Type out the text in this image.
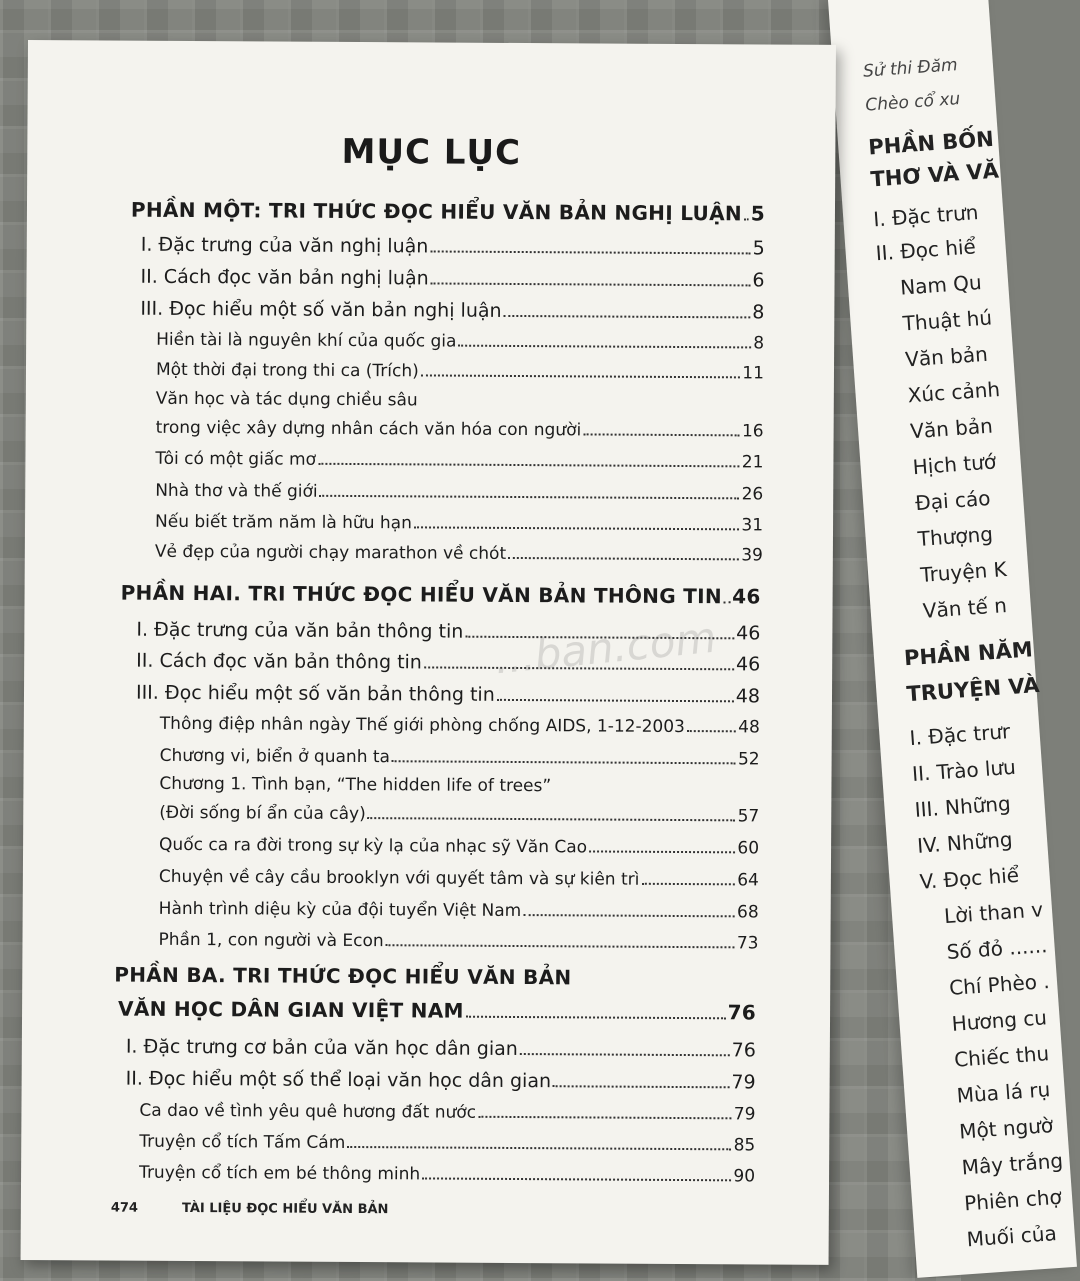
Sử thi Đăm
Chèo cổ xu
PHẦN BỐN
THƠ VÀ VĂ
I. Đặc trưn
II. Đọc hiể
Nam Qu
Thuật hú
Văn bản
Xúc cảnh
Văn bản
Hịch tướ
Đại cáo
Thượng
Truyện K
Văn tế n
PHẦN NĂM
TRUYỆN VÀ
I. Đặc trưr
II. Trào lưu
III. Những
IV. Những
V. Đọc hiể
Lời than v
Số đỏ ......
Chí Phèo .
Hương cu
Chiếc thu
Mùa lá rụ
Một ngườ
Mây trắng
Phiên chợ
Muối của
MỤC LỤC
PHẦN MỘT: TRI THỨC ĐỌC HIỂU VĂN BẢN NGHỊ LUẬN 5
I. Đặc trưng của văn nghị luận	5
II. Cách đọc văn bản nghị luận	6
III. Đọc hiểu một số văn bản nghị luận	8
Hiền tài là nguyên khí của quốc gia	8
Một thời đại trong thi ca (Trích)	11
Văn học và tác dụng chiều sâu
trong việc xây dựng nhân cách văn hóa con người	16
Tôi có một giấc mơ	21
Nhà thơ và thế giới	26
Nếu biết trăm năm là hữu hạn	31
Vẻ đẹp của người chạy marathon về chót	39
PHẦN HAI. TRI THỨC ĐỌC HIỂU VĂN BẢN THÔNG TIN 46
I. Đặc trưng của văn bản thông tin	46
II. Cách đọc văn bản thông tin	46
III. Đọc hiểu một số văn bản thông tin	48
Thông điệp nhân ngày Thế giới phòng chống AIDS, 1-12-2003	48
Chương vi, biển ở quanh ta	52
Chương 1. Tình bạn, “The hidden life of trees”
(Đời sống bí ẩn của cây)	57
Quốc ca ra đời trong sự kỳ lạ của nhạc sỹ Văn Cao	60
Chuyện về cây cầu brooklyn với quyết tâm và sự kiên trì	64
Hành trình diệu kỳ của đội tuyển Việt Nam	68
Phần 1, con người và Econ	73
PHẦN BA. TRI THỨC ĐỌC HIỂU VĂN BẢN
VĂN HỌC DÂN GIAN VIỆT NAM	76
I. Đặc trưng cơ bản của văn học dân gian	76
II. Đọc hiểu một số thể loại văn học dân gian	79
Ca dao về tình yêu quê hương đất nước	79
Truyện cổ tích Tấm Cám	85
Truyện cổ tích em bé thông minh	90
474	TÀI LIỆU ĐỌC HIỂU VĂN BẢN
...ban.com
